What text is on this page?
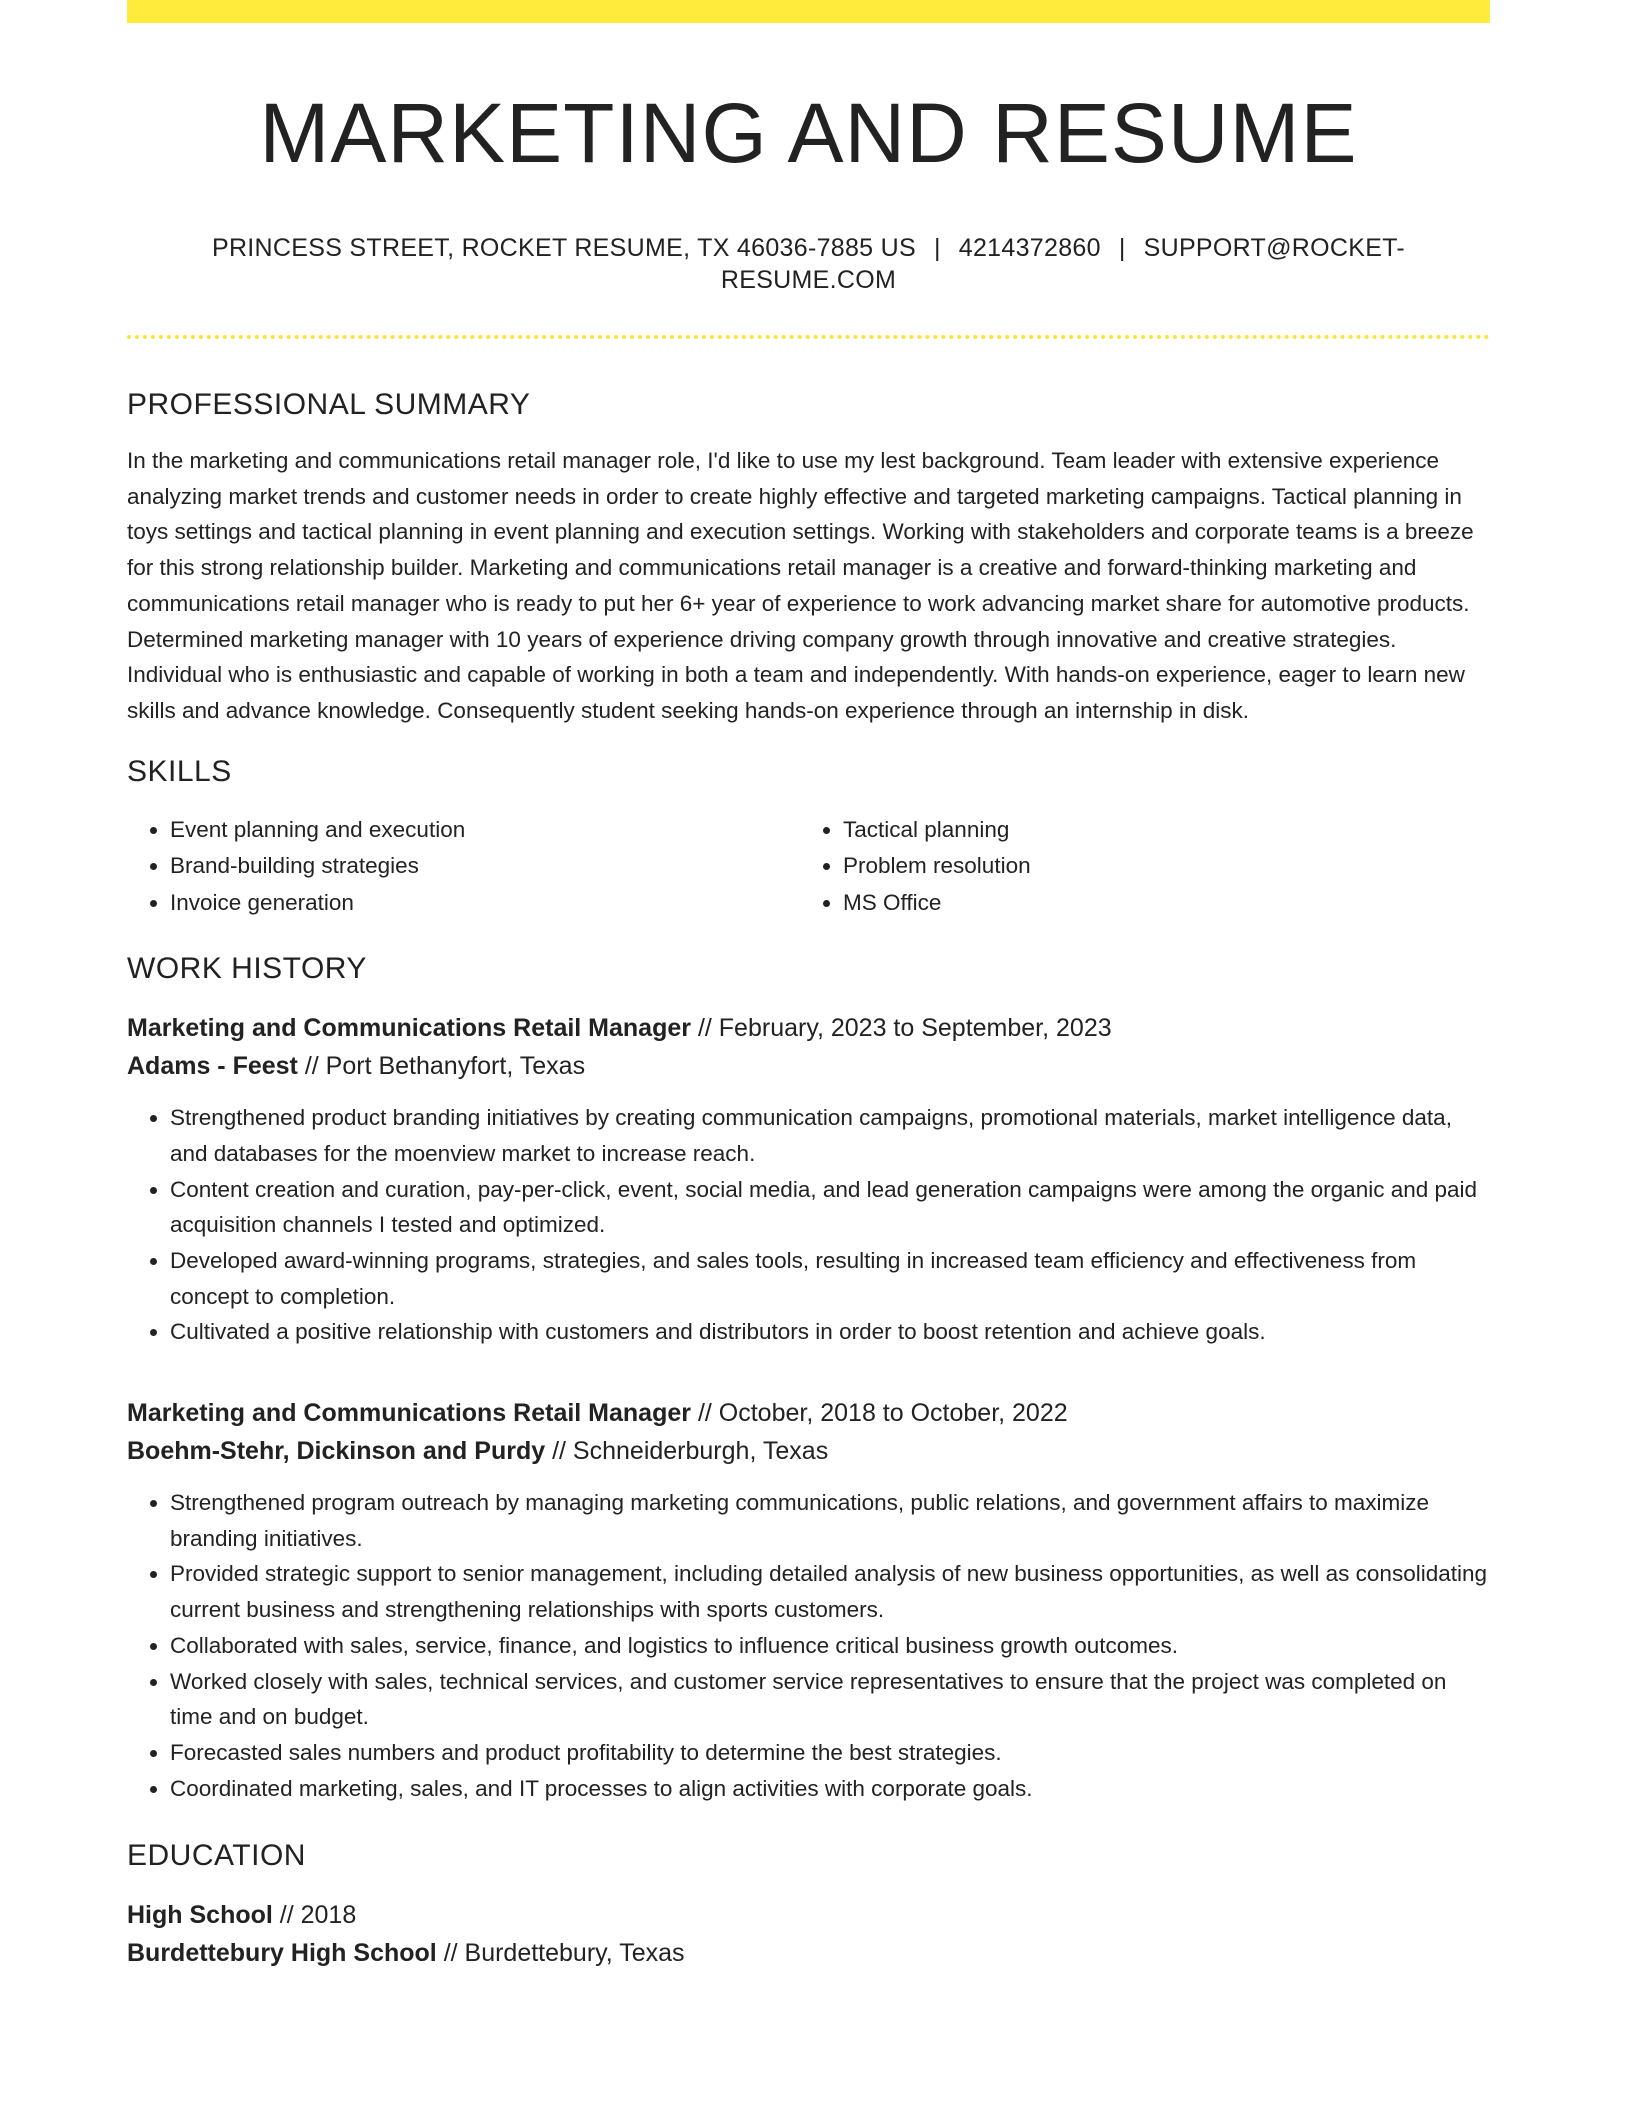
MARKETING AND RESUME
PRINCESS STREET, ROCKET RESUME, TX 46036-7885 US | 4214372860 | SUPPORT@ROCKET-RESUME.COM
PROFESSIONAL SUMMARY
In the marketing and communications retail manager role, I'd like to use my lest background. Team leader with extensive experience analyzing market trends and customer needs in order to create highly effective and targeted marketing campaigns. Tactical planning in toys settings and tactical planning in event planning and execution settings. Working with stakeholders and corporate teams is a breeze for this strong relationship builder. Marketing and communications retail manager is a creative and forward-thinking marketing and communications retail manager who is ready to put her 6+ year of experience to work advancing market share for automotive products. Determined marketing manager with 10 years of experience driving company growth through innovative and creative strategies. Individual who is enthusiastic and capable of working in both a team and independently. With hands-on experience, eager to learn new skills and advance knowledge. Consequently student seeking hands-on experience through an internship in disk.
SKILLS
• Event planning and execution
• Brand-building strategies
• Invoice generation
• Tactical planning
• Problem resolution
• MS Office
WORK HISTORY
Marketing and Communications Retail Manager // February, 2023 to September, 2023
Adams - Feest // Port Bethanyfort, Texas
• Strengthened product branding initiatives by creating communication campaigns, promotional materials, market intelligence data, and databases for the moenview market to increase reach.
• Content creation and curation, pay-per-click, event, social media, and lead generation campaigns were among the organic and paid acquisition channels I tested and optimized.
• Developed award-winning programs, strategies, and sales tools, resulting in increased team efficiency and effectiveness from concept to completion.
• Cultivated a positive relationship with customers and distributors in order to boost retention and achieve goals.
Marketing and Communications Retail Manager // October, 2018 to October, 2022
Boehm-Stehr, Dickinson and Purdy // Schneiderburgh, Texas
• Strengthened program outreach by managing marketing communications, public relations, and government affairs to maximize branding initiatives.
• Provided strategic support to senior management, including detailed analysis of new business opportunities, as well as consolidating current business and strengthening relationships with sports customers.
• Collaborated with sales, service, finance, and logistics to influence critical business growth outcomes.
• Worked closely with sales, technical services, and customer service representatives to ensure that the project was completed on time and on budget.
• Forecasted sales numbers and product profitability to determine the best strategies.
• Coordinated marketing, sales, and IT processes to align activities with corporate goals.
EDUCATION
High School // 2018
Burdettebury High School // Burdettebury, Texas
